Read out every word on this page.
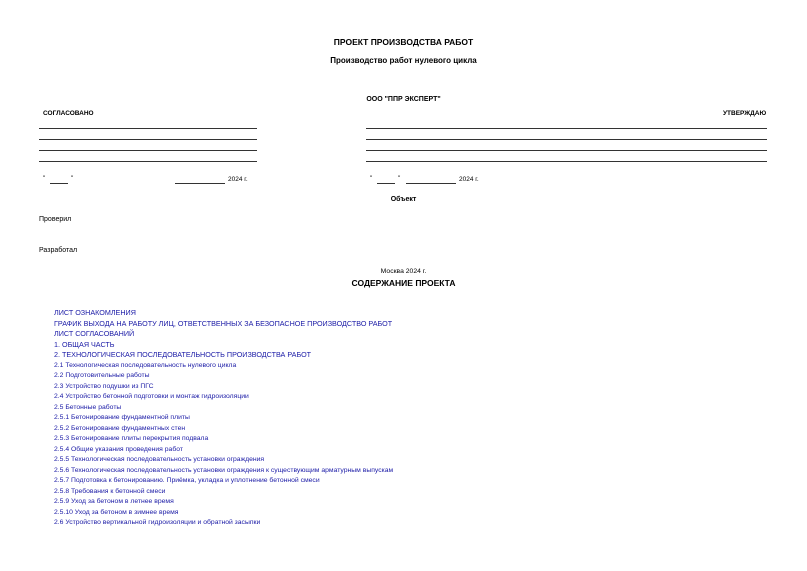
ПРОЕКТ ПРОИЗВОДСТВА РАБОТ
Производство работ нулевого цикла
ООО "ППР ЭКСПЕРТ"
СОГЛАСОВАНО	УТВЕРЖДАЮ
"	"	2024 г.	"	"	2024 г.
Объект
Проверил
Разработал
Москва 2024 г.
СОДЕРЖАНИЕ ПРОЕКТА
ЛИСТ ОЗНАКОМЛЕНИЯ
ГРАФИК ВЫХОДА НА РАБОТУ ЛИЦ, ОТВЕТСТВЕННЫХ ЗА БЕЗОПАСНОЕ ПРОИЗВОДСТВО РАБОТ
ЛИСТ СОГЛАСОВАНИЙ
1. ОБЩАЯ ЧАСТЬ
2. ТЕХНОЛОГИЧЕСКАЯ ПОСЛЕДОВАТЕЛЬНОСТЬ ПРОИЗВОДСТВА РАБОТ
2.1 Технологическая последовательность нулевого цикла
2.2 Подготовительные работы
2.3 Устройство подушки из ПГС
2.4 Устройство бетонной подготовки и монтаж гидроизоляции
2.5 Бетонные работы
2.5.1 Бетонирование фундаментной плиты
2.5.2 Бетонирование фундаментных стен
2.5.3 Бетонирование плиты перекрытия подвала
2.5.4 Общие указания проведения работ
2.5.5 Технологическая последовательность установки ограждения
2.5.6 Технологическая последовательность установки ограждения к существующим арматурным выпускам
2.5.7 Подготовка к бетонированию. Приёмка, укладка и уплотнение бетонной смеси
2.5.8 Требования к бетонной смеси
2.5.9 Уход за бетоном в летнее время
2.5.10 Уход за бетоном в зимнее время
2.6 Устройство вертикальной гидроизоляции и обратной засыпки
